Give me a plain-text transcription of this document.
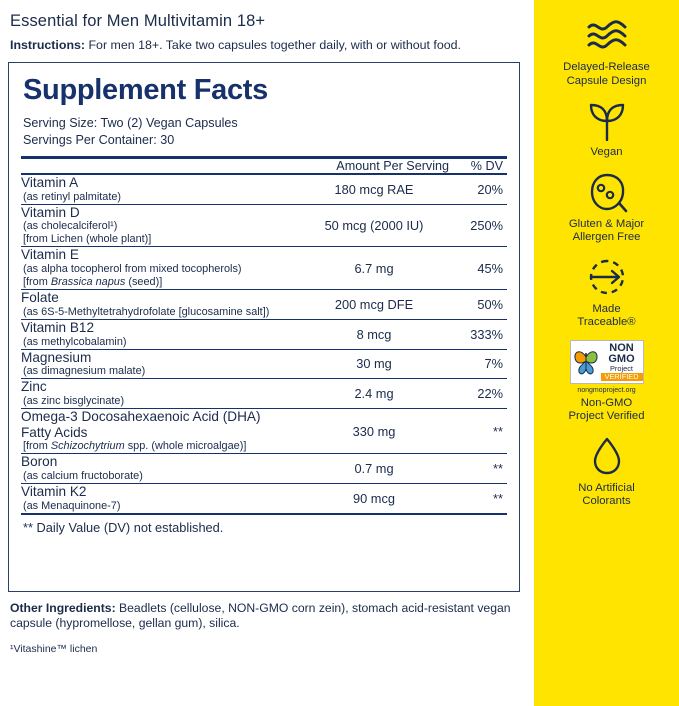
Essential for Men Multivitamin 18+
Instructions: For men 18+. Take two capsules together daily, with or without food.
Supplement Facts
Serving Size: Two (2) Vegan Capsules
Servings Per Container: 30
	Amount Per Serving	% DV
Vitamin A
(as retinyl palmitate)	180 mcg RAE	20%

Vitamin D
(as cholecalciferol¹)
[from Lichen (whole plant)]	50 mcg (2000 IU)	250%

Vitamin E
(as alpha tocopherol from mixed tocopherols)
[from Brassica napus (seed)]	6.7 mg	45%

Folate
(as 6S-5-Methyltetrahydrofolate [glucosamine salt])	200 mcg DFE	50%

Vitamin B12
(as methylcobalamin)	8 mcg	333%

Magnesium
(as dimagnesium malate)	30 mg	7%

Zinc
(as zinc bisglycinate)	2.4 mg	22%

Omega-3 Docosahexaenoic Acid (DHA)
Fatty Acids
[from Schizochytrium spp. (whole microalgae)]	330 mg	**

Boron
(as calcium fructoborate)	0.7 mg	**

Vitamin K2
(as Menaquinone-7)	90 mcg	**
** Daily Value (DV) not established.
Other Ingredients: Beadlets (cellulose, NON-GMO corn zein), stomach acid-resistant vegan capsule (hypromellose, gellan gum), silica.
¹Vitashine™ lichen
Delayed-Release
Capsule Design
Vegan
Gluten & Major
Allergen Free
Made
Traceable®
NON
GMO
Project
VERIFIED
nongmoproject.org
Non-GMO
Project Verified
No Artificial
Colorants
